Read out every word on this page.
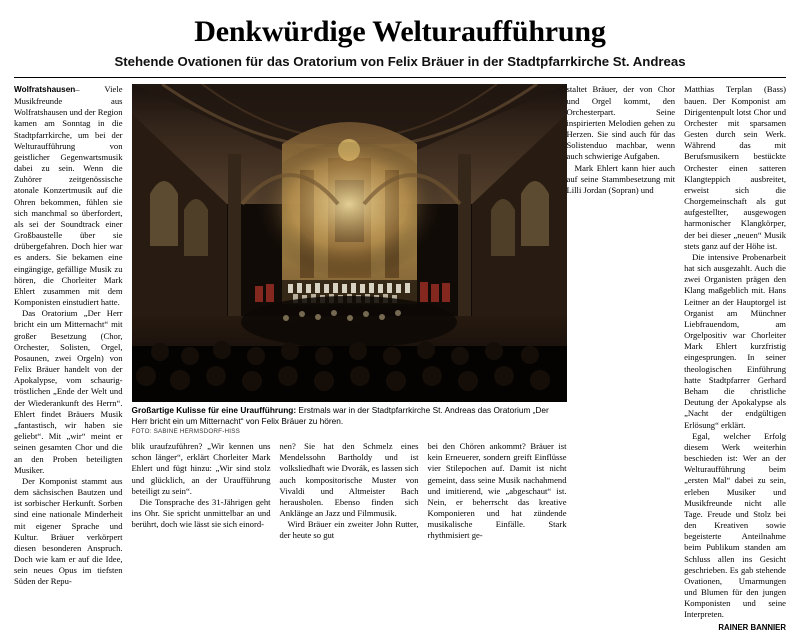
Denkwürdige Welturaufführung
Stehende Ovationen für das Oratorium von Felix Bräuer in der Stadtpfarrkirche St. Andreas

Wolfratshausen– Viele Musikfreunde aus Wolfratshausen und der Region kamen am Sonntag in die Stadtpfarrkirche, um bei der Welturaufführung von geistlicher Gegenwartsmusik dabei zu sein. Wenn die Zuhörer zeitgenössische atonale Konzertmusik auf die Ohren bekommen, fühlen sie sich manchmal so überfordert, als sei der Soundtrack einer Großbaustelle über sie drübergefahren. Doch hier war es anders. Sie bekamen eine eingängige, gefällige Musik zu hören, die Chorleiter Mark Ehlert zusammen mit dem Komponisten einstudiert hatte.

Das Oratorium „Der Herr bricht ein um Mitternacht“ mit großer Besetzung (Chor, Orchester, Solisten, Orgel, Posaunen, zwei Orgeln) von Felix Bräuer handelt von der Apokalypse, vom schaurig-tröstlichen „Ende der Welt und der Wiederankunft des Herrn“. Ehlert findet Bräuers Musik „fantastisch, wir haben sie geliebt“. Mit „wir“ meint er seinen gesamten Chor und die an den Proben beteiligten Musiker.

Der Komponist stammt aus dem sächsischen Bautzen und ist sorbischer Herkunft. Sorben sind eine nationale Minderheit mit eigener Sprache und Kultur. Bräuer verkörpert diesen besonderen Anspruch. Doch wie kam er auf die Idee, sein neues Opus im tiefsten Süden der Repu-

Großartige Kulisse für eine Uraufführung: Erstmals war in der Stadtpfarrkirche St. Andreas das Oratorium „Der Herr bricht ein um Mitternacht“ von Felix Bräuer zu hören.
FOTO: SABINE HERMSDORF-HISS

blik uraufzuführen? „Wir kennen uns schon länger“, erklärt Chorleiter Mark Ehlert und fügt hinzu: „Wir sind stolz und glücklich, an der Uraufführung beteiligt zu sein“.

Die Tonsprache des 31-Jährigen geht ins Ohr. Sie spricht unmittelbar an und berührt, doch wie lässt sie sich einord-

nen? Sie hat den Schmelz eines Mendelssohn Bartholdy und ist volksliedhaft wie Dvorák, es lassen sich auch kompositorische Muster von Vivaldi und Altmeister Bach herausholen. Ebenso finden sich Anklänge an Jazz und Filmmusik.

Wird Bräuer ein zweiter John Rutter, der heute so gut

bei den Chören ankommt? Bräuer ist kein Erneuerer, sondern greift Einflüsse vier Stilepochen auf. Damit ist nicht gemeint, dass seine Musik nachahmend und imitierend, wie „abgeschaut“ ist. Nein, er beherrscht das kreative Komponieren und hat zündende musikalische Einfälle. Stark rhythmisiert ge-

staltet Bräuer, der von Chor und Orgel kommt, den Orchesterpart. Seine inspirierten Melodien gehen zu Herzen. Sie sind auch für das Solistenduo machbar, wenn auch schwierige Aufgaben.

Mark Ehlert kann hier auch auf seine Stammbesetzung mit Lilli Jordan (Sopran) und

Matthias Terplan (Bass) bauen. Der Komponist am Dirigentenpult lotst Chor und Orchester mit sparsamen Gesten durch sein Werk. Während das mit Berufsmusikern bestückte Orchester einen satteren Klangteppich ausbreitet, erweist sich die Chorgemeinschaft als gut aufgestellter, ausgewogen harmonischer Klangkörper, der bei dieser „neuen“ Musik stets ganz auf der Höhe ist.

Die intensive Probenarbeit hat sich ausgezahlt. Auch die zwei Organisten prägen den Klang maßgeblich mit. Hans Leitner an der Hauptorgel ist Organist am Münchner Liebfrauendom, am Orgelpositiv war Chorleiter Mark Ehlert kurzfristig eingesprungen. In seiner theologischen Einführung hatte Stadtpfarrer Gerhard Beham die christliche Deutung der Apokalypse als „Nacht der endgültigen Erlösung“ erklärt.

Egal, welcher Erfolg diesem Werk weiterhin beschieden ist: Wer an der Welturaufführung beim „ersten Mal“ dabei zu sein, erleben Musiker und Musikfreunde nicht alle Tage. Freude und Stolz bei den Kreativen sowie begeisterte Anteilnahme beim Publikum standen am Schluss allen ins Gesicht geschrieben. Es gab stehende Ovationen, Umarmungen und Blumen für den jungen Komponisten und seine Interpreten.

RAINER BANNIER
